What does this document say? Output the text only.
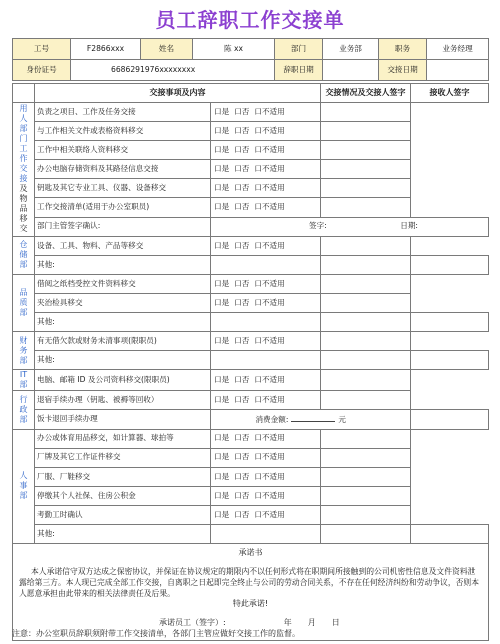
员工辞职工作交接单
工号	F2866xxx	姓名	陈 xx	部门	业务部	职务	业务经理
身份证号	6686291976xxxxxxxx			辞职日期		交接日期	
	交接事项及内容		交接情况及交接人签字	接收人签字
用人部门工作交接
及物品移交	负责之项目、工作及任务交接	口是 口否 口不适用		
	与工作相关文件或表格资料移交	口是 口否 口不适用		
	工作中相关联络人资料移交	口是 口否 口不适用		
	办公电脑存储资料及其路径信息交接	口是 口否 口不适用		
	钥匙及其它专业工具、仪器、设备移交	口是 口否 口不适用		
	工作交接清单(适用于办公室职员)	口是 口否 口不适用		
	部门主管签字确认:	签字: 日期:		

仓储部	设备、工具、物料、产品等移交	口是 口否 口不适用		
	其他:			
品质部	借阅之纸档受控文件资料移交	口是 口否 口不适用		
	夹治检具移交	口是 口否 口不适用		
	其他:			
财务部	有无借欠款或财务未清事项(限职员)	口是 口否 口不适用		
	其他:			
IT 部	电脑、邮箱 ID 及公司资料移交(限职员)	口是 口否 口不适用		
行政部	退宿手续办理（钥匙、被褥等回收）	口是 口否 口不适用		
	饭卡退回手续办理	消费金额: 元		
人事部	办公或体育用品移交，如计算器、球拍等	口是 口否 口不适用		
	厂牌及其它工作证件移交	口是 口否 口不适用		
	厂服、厂鞋移交	口是 口否 口不适用		
	停缴其个人社保、住房公积金	口是 口否 口不适用		
	考勤工时确认	口是 口否 口不适用		
	其他:			

承诺书
本人承诺信守双方达成之保密协议，并保证在协议规定的期限内不以任何形式将在职期间所接触到的公司机密性信息及文件资料泄露给第三方。本人现已完成全部工作交接，自离职之日起即完全终止与公司的劳动合同关系，不存在任何经济纠纷和劳动争议，否则本人愿意承担由此带来的相关法律责任及后果。
特此承诺!
承诺员工（签字）: 年 月 日				
注意：办公室职员辞职须附带工作交接清单，各部门主管应做好交接工作的监督。
